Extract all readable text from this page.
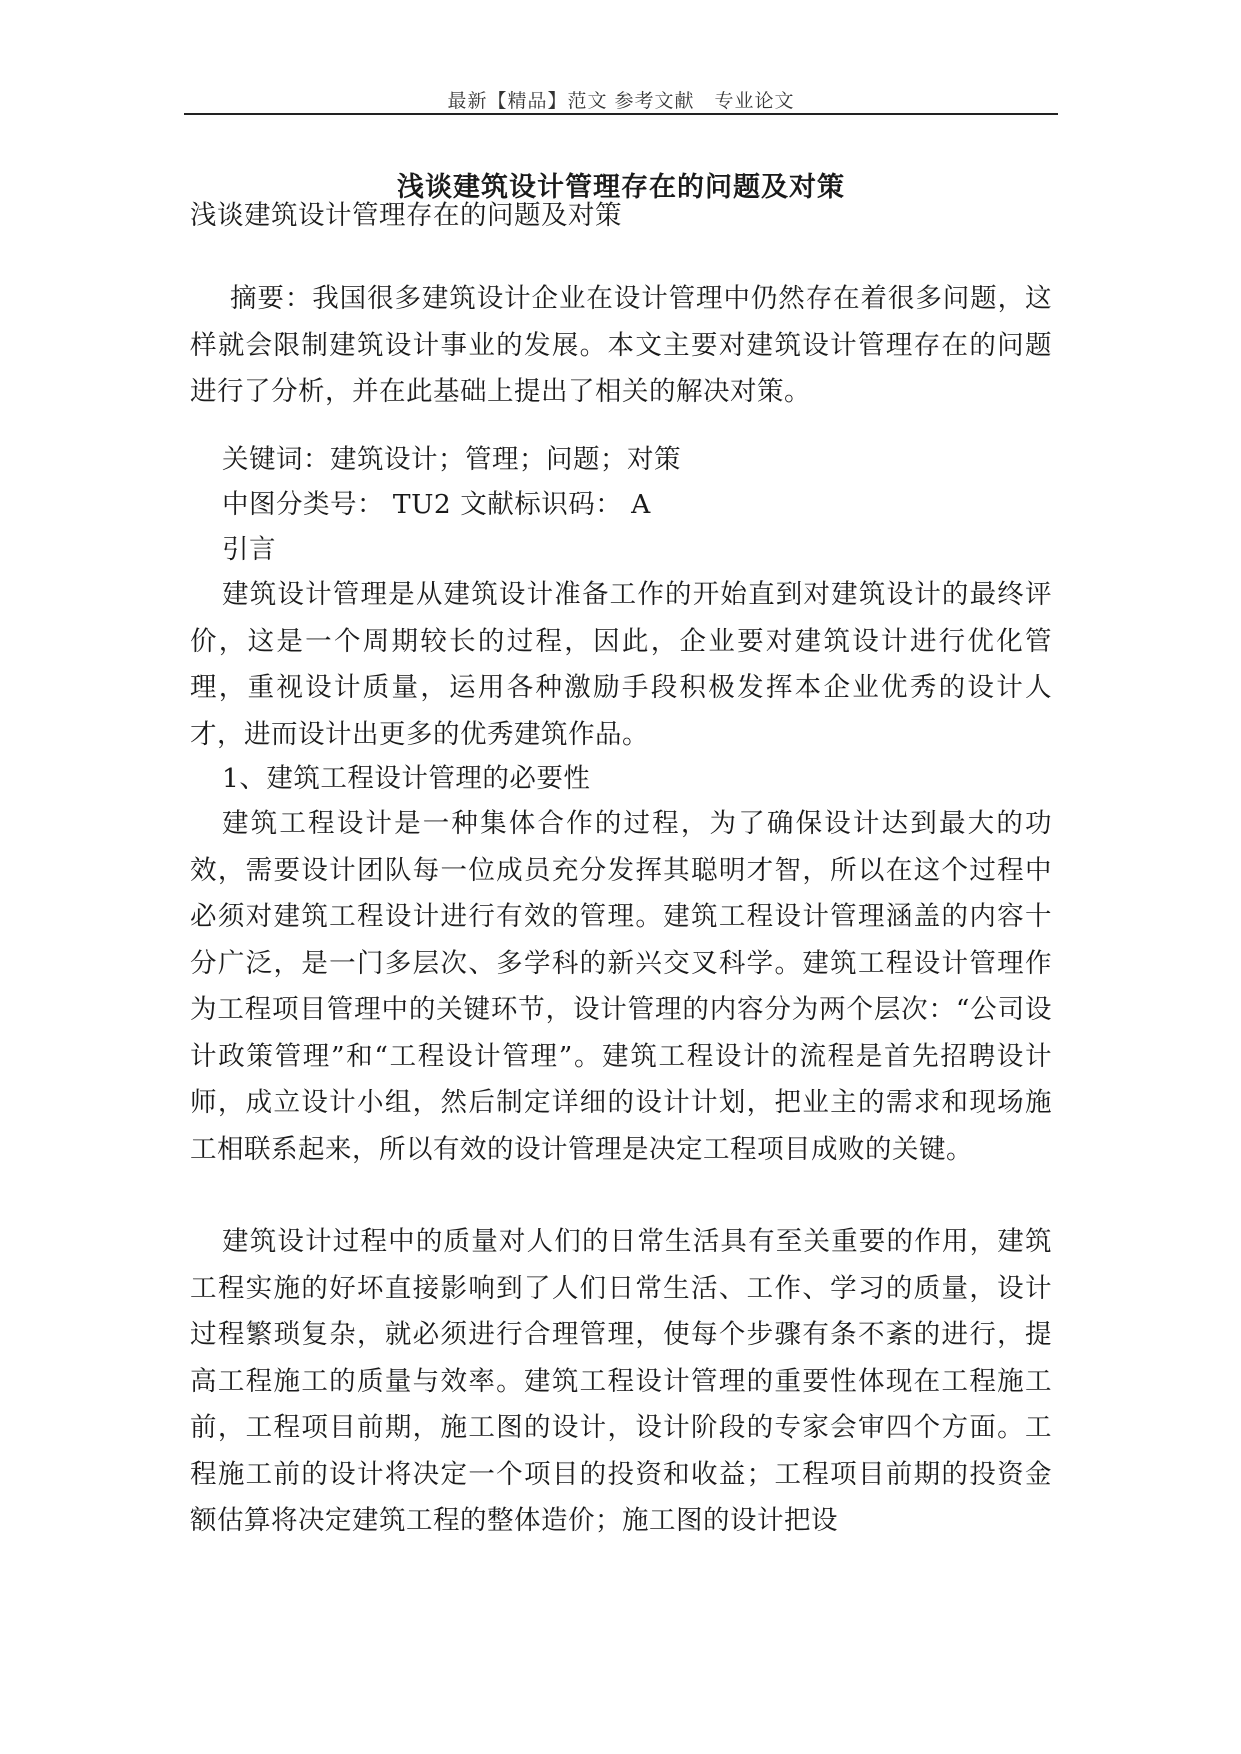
最新【精品】范文 参考文献　专业论文
浅谈建筑设计管理存在的问题及对策
浅谈建筑设计管理存在的问题及对策

摘要：我国很多建筑设计企业在设计管理中仍然存在着很多问题，这样就会限制建筑设计事业的发展。本文主要对建筑设计管理存在的问题进行了分析，并在此基础上提出了相关的解决对策。

关键词：建筑设计；管理；问题；对策
中图分类号： TU2 文献标识码： A
引言

建筑设计管理是从建筑设计准备工作的开始直到对建筑设计的最终评价，这是一个周期较长的过程，因此，企业要对建筑设计进行优化管理，重视设计质量，运用各种激励手段积极发挥本企业优秀的设计人才，进而设计出更多的优秀建筑作品。

1、建筑工程设计管理的必要性

建筑工程设计是一种集体合作的过程，为了确保设计达到最大的功效，需要设计团队每一位成员充分发挥其聪明才智，所以在这个过程中必须对建筑工程设计进行有效的管理。建筑工程设计管理涵盖的内容十分广泛，是一门多层次、多学科的新兴交叉科学。建筑工程设计管理作为工程项目管理中的关键环节，设计管理的内容分为两个层次：“公司设计政策管理”和“工程设计管理”。建筑工程设计的流程是首先招聘设计师，成立设计小组，然后制定详细的设计计划，把业主的需求和现场施工相联系起来，所以有效的设计管理是决定工程项目成败的关键。

建筑设计过程中的质量对人们的日常生活具有至关重要的作用，建筑工程实施的好坏直接影响到了人们日常生活、工作、学习的质量，设计过程繁琐复杂，就必须进行合理管理，使每个步骤有条不紊的进行，提高工程施工的质量与效率。建筑工程设计管理的重要性体现在工程施工前，工程项目前期，施工图的设计，设计阶段的专家会审四个方面。工程施工前的设计将决定一个项目的投资和收益；工程项目前期的投资金额估算将决定建筑工程的整体造价；施工图的设计把设
